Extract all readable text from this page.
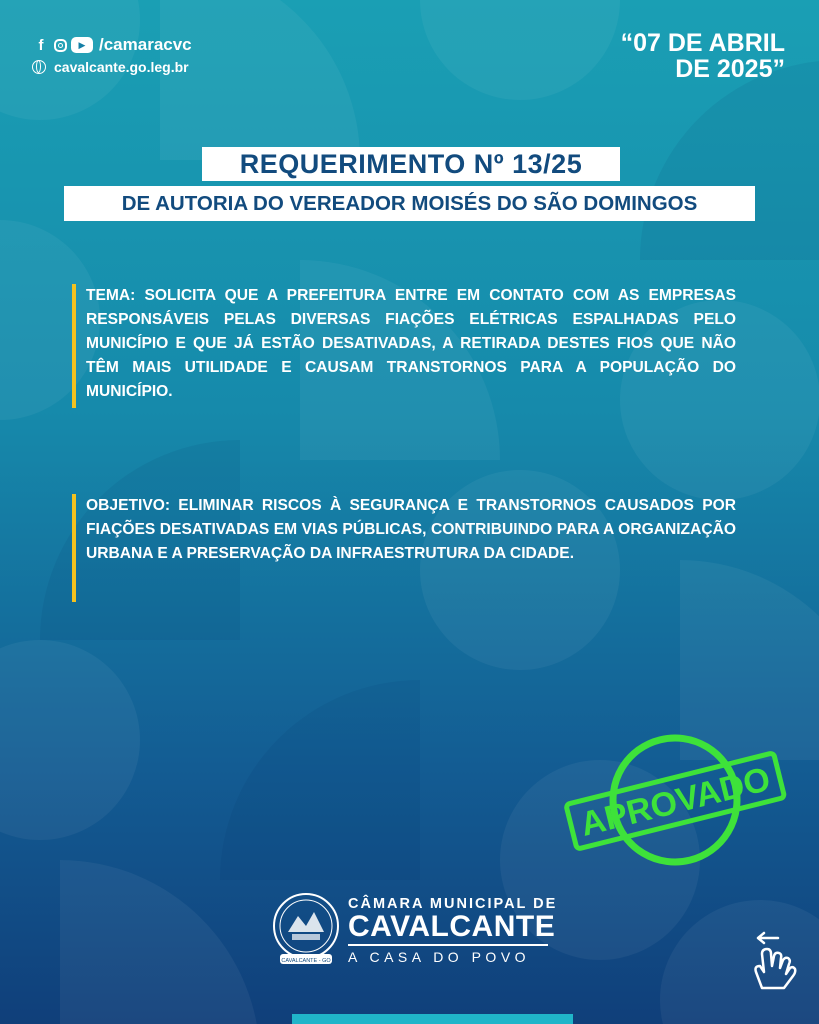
f	▶ /camaracvc
cavalcante.go.leg.br
“07 DE ABRIL
DE 2025”
REQUERIMENTO Nº 13/25
DE AUTORIA DO VEREADOR MOISÉS DO SÃO DOMINGOS

TEMA: SOLICITA QUE A PREFEITURA ENTRE EM CONTATO COM AS EMPRESAS RESPONSÁVEIS PELAS DIVERSAS FIAÇÕES ELÉTRICAS ESPALHADAS PELO MUNICÍPIO E QUE JÁ ESTÃO DESATIVADAS, A RETIRADA DESTES FIOS QUE NÃO TÊM MAIS UTILIDADE E CAUSAM TRANSTORNOS PARA A POPULAÇÃO DO MUNICÍPIO.

OBJETIVO: ELIMINAR RISCOS À SEGURANÇA E TRANSTORNOS CAUSADOS POR FIAÇÕES DESATIVADAS EM VIAS PÚBLICAS, CONTRIBUINDO PARA A ORGANIZAÇÃO URBANA E A PRESERVAÇÃO DA INFRAESTRUTURA DA CIDADE.

APROVADO
CAVALCANTE - GO
CÂMARA MUNICIPAL DE
CAVALCANTE
A CASA DO POVO
